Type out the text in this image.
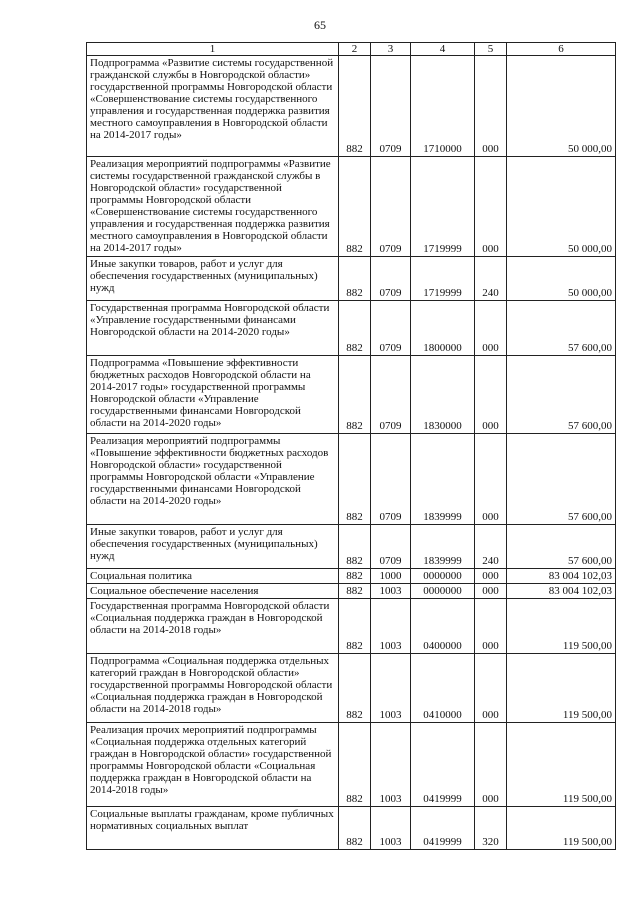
65
1	2	3	4	5	6
Подпрограмма «Развитие системы государственной гражданской службы в Новгородской области» государственной программы Новгородской области «Совершенствование системы государственного управления и государственная поддержка развития местного самоуправления в Новгородской области на 2014-2017 годы»	882	0709	1710000	000	50 000,00
Реализация мероприятий подпрограммы «Развитие системы государственной гражданской службы в Новгородской области» государственной программы Новгородской области «Совершенствование системы государственного управления и государственная поддержка развития местного самоуправления в Новгородской области на 2014-2017 годы»	882	0709	1719999	000	50 000,00
Иные закупки товаров, работ и услуг для обеспечения государственных (муниципальных) нужд	882	0709	1719999	240	50 000,00
Государственная программа Новгородской области «Управление государственными финансами Новгородской области на 2014-2020 годы»	882	0709	1800000	000	57 600,00
Подпрограмма «Повышение эффективности бюджетных расходов Новгородской области на 2014-2017 годы» государственной программы Новгородской области «Управление государственными финансами Новгородской области на 2014-2020 годы»	882	0709	1830000	000	57 600,00
Реализация мероприятий подпрограммы «Повышение эффективности бюджетных расходов Новгородской области» государственной программы Новгородской области «Управление государственными финансами Новгородской области на 2014-2020 годы»	882	0709	1839999	000	57 600,00
Иные закупки товаров, работ и услуг для обеспечения государственных (муниципальных) нужд	882	0709	1839999	240	57 600,00
Социальная политика	882	1000	0000000	000	83 004 102,03
Социальное обеспечение населения	882	1003	0000000	000	83 004 102,03
Государственная программа Новгородской области «Социальная поддержка граждан в Новгородской области на 2014-2018 годы»	882	1003	0400000	000	119 500,00
Подпрограмма «Социальная поддержка отдельных категорий граждан в Новгородской области» государственной программы Новгородской области «Социальная поддержка граждан в Новгородской области на 2014-2018 годы»	882	1003	0410000	000	119 500,00
Реализация прочих мероприятий подпрограммы «Социальная поддержка отдельных категорий граждан в Новгородской области» государственной программы Новгородской области «Социальная поддержка граждан в Новгородской области на 2014-2018 годы»	882	1003	0419999	000	119 500,00
Социальные выплаты гражданам, кроме публичных нормативных социальных выплат	882	1003	0419999	320	119 500,00
